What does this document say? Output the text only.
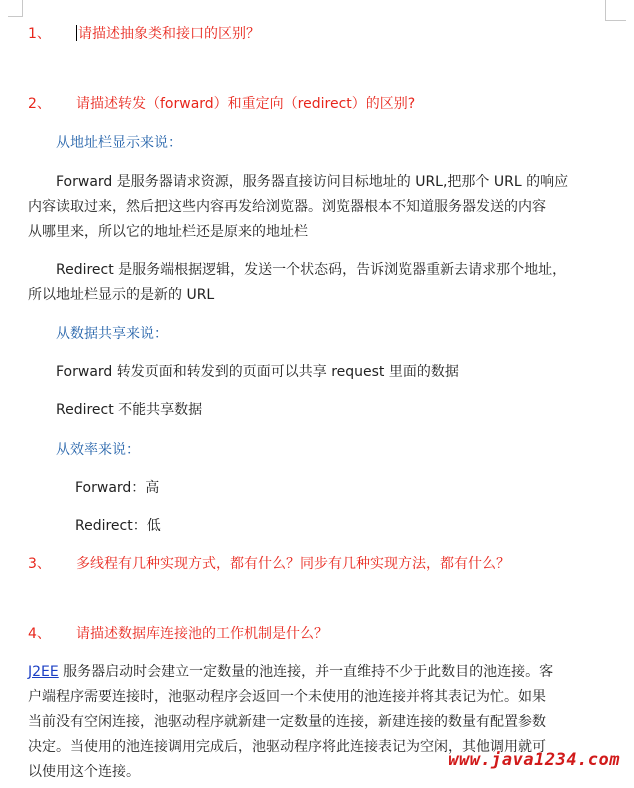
1、 请描述抽象类和接口的区别？
2、 请描述转发（forward）和重定向（redirect）的区别?
从地址栏显示来说：
Forward 是服务器请求资源，服务器直接访问目标地址的 URL,把那个 URL 的响应
内容读取过来，然后把这些内容再发给浏览器。浏览器根本不知道服务器发送的内容
从哪里来，所以它的地址栏还是原来的地址栏
Redirect 是服务端根据逻辑，发送一个状态码，告诉浏览器重新去请求那个地址，
所以地址栏显示的是新的 URL
从数据共享来说：
Forward 转发页面和转发到的页面可以共享 request 里面的数据
Redirect 不能共享数据
从效率来说：
Forward：高
Redirect：低
3、 多线程有几种实现方式，都有什么？同步有几种实现方法，都有什么？
4、 请描述数据库连接池的工作机制是什么？
J2EE 服务器启动时会建立一定数量的池连接，并一直维持不少于此数目的池连接。客
户端程序需要连接时，池驱动程序会返回一个未使用的池连接并将其表记为忙。如果
当前没有空闲连接，池驱动程序就新建一定数量的连接，新建连接的数量有配置参数
决定。当使用的池连接调用完成后，池驱动程序将此连接表记为空闲，其他调用就可
以使用这个连接。
www.java1234.com
